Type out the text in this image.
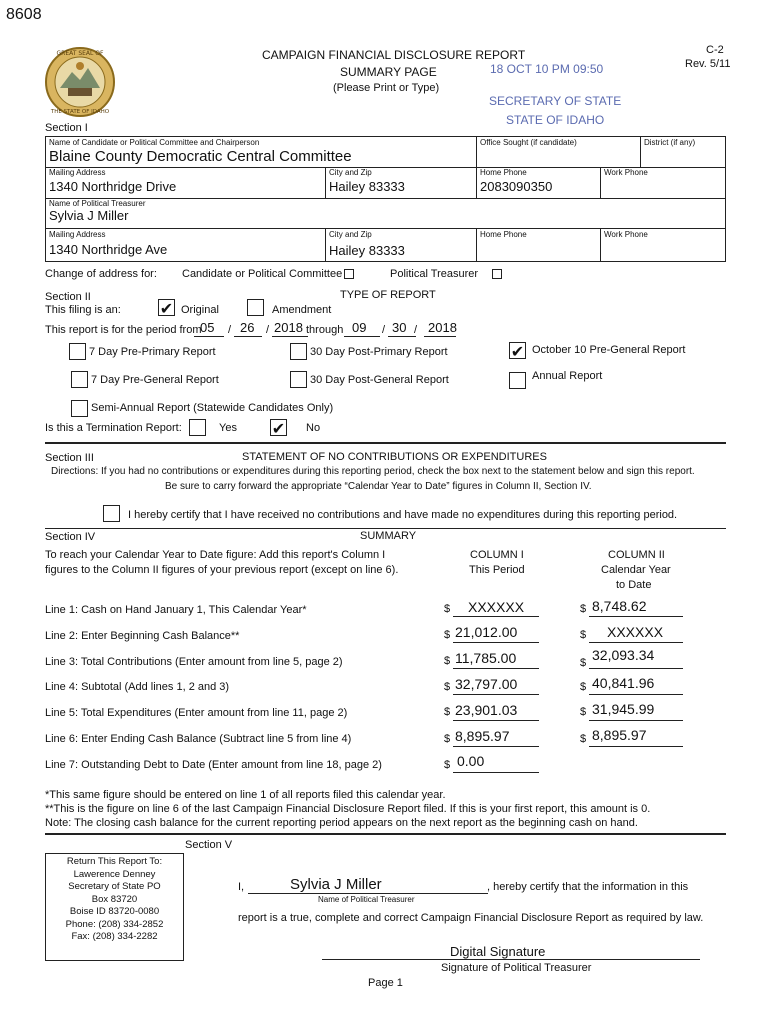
8608
C-2
Rev. 5/11
CAMPAIGN FINANCIAL DISCLOSURE REPORT
SUMMARY PAGE
(Please Print or Type)
18 OCT 10 PM 09:50
SECRETARY OF STATE
STATE OF IDAHO
GREAT SEAL OF
THE STATE OF IDAHO
Section I
Name of Candidate or Political Committee and Chairperson
Blaine County Democratic Central Committee
Office Sought (if candidate)	District (if any)
Mailing Address
1340 Northridge Drive
City and Zip
Hailey 83333
Home Phone
2083090350
Work Phone
Name of Political Treasurer
Sylvia J Miller
Mailing Address
1340 Northridge Ave
City and Zip
Hailey 83333
Home Phone	Work Phone
Change of address for: Candidate or Political Committee	Political Treasurer
Section II	TYPE OF REPORT
This filing is an: ✔ Original	Amendment
This report is for the period from
05 / 26 / 2018 through 09 / 30 / 2018
7 Day Pre-Primary Report	30 Day Post-Primary Report	✔ October 10 Pre-General Report
7 Day Pre-General Report	30 Day Post-General Report	Annual Report
Semi-Annual Report (Statewide Candidates Only)
Is this a Termination Report:	Yes ✔ No
Section III	STATEMENT OF NO CONTRIBUTIONS OR EXPENDITURES
Directions: If you had no contributions or expenditures during this reporting period, check the box next to the statement below and sign this report.
Be sure to carry forward the appropriate “Calendar Year to Date” figures in Column II, Section IV.
I hereby certify that I have received no contributions and have made no expenditures during this reporting period.
Section IV	SUMMARY
To reach your Calendar Year to Date figure: Add this report's Column I
figures to the Column II figures of your previous report (except on line 6).
COLUMN I
This Period
COLUMN II
Calendar Year
to Date
Line 1: Cash on Hand January 1, This Calendar Year*	$ XXXXXX	$ 8,748.62
Line 2: Enter Beginning Cash Balance**	$ 21,012.00	$ XXXXXX
Line 3: Total Contributions (Enter amount from line 5, page 2)	$ 11,785.00	$ 32,093.34
Line 4: Subtotal (Add lines 1, 2 and 3)	$ 32,797.00	$ 40,841.96
Line 5: Total Expenditures (Enter amount from line 11, page 2)	$ 23,901.03	$ 31,945.99
Line 6: Enter Ending Cash Balance (Subtract line 5 from line 4)	$ 8,895.97	$ 8,895.97
Line 7: Outstanding Debt to Date (Enter amount from line 18, page 2)	$ 0.00
*This same figure should be entered on line 1 of all reports filed this calendar year.
**This is the figure on line 6 of the last Campaign Financial Disclosure Report filed. If this is your first report, this amount is 0.
Note: The closing cash balance for the current reporting period appears on the next report as the beginning cash on hand.
Section V
Return This Report To:
Lawerence Denney
Secretary of State PO
Box 83720
Boise ID 83720-0080
Phone: (208) 334-2852
Fax: (208) 334-2282
I,	Sylvia J Miller	, hereby certify that the information in this
Name of Political Treasurer
report is a true, complete and correct Campaign Financial Disclosure Report as required by law.
Digital Signature
Signature of Political Treasurer
Page 1
